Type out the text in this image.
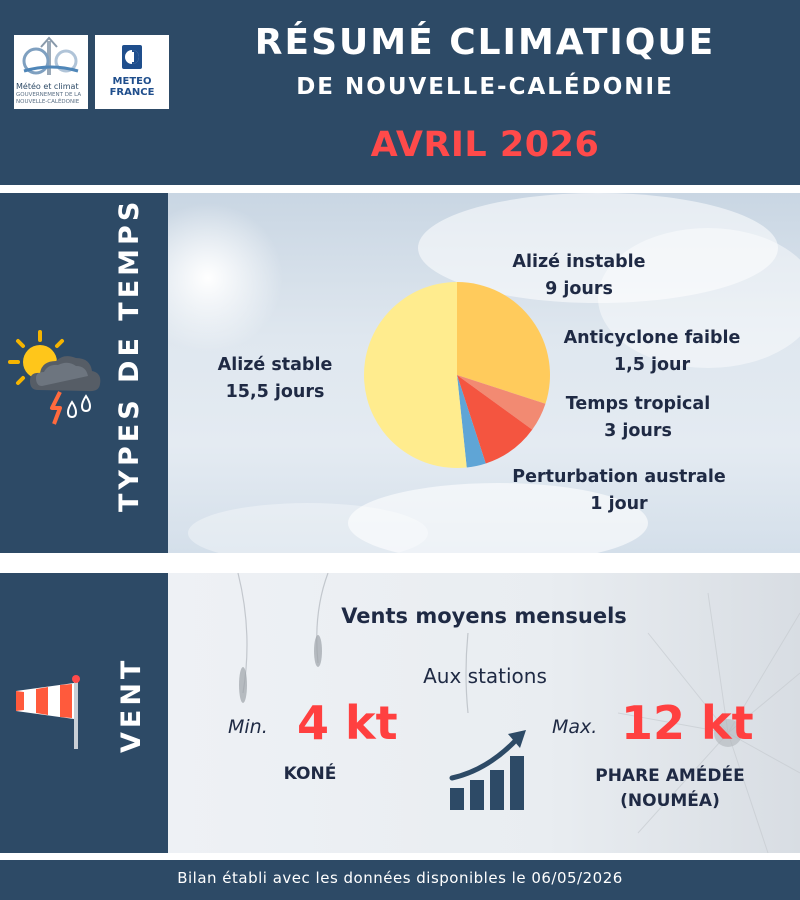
Météo et climat
GOUVERNEMENT DE LA NOUVELLE-CALÉDONIE
METEO FRANCE
RÉSUMÉ CLIMATIQUE
DE NOUVELLE-CALÉDONIE
AVRIL 2026
TYPES DE TEMPS	Alizé instable
9 jours
Anticyclone faible
1,5 jour
Temps tropical
3 jours
Perturbation australe
1 jour
Alizé stable
15,5 jours
VENT
Vents moyens mensuels
Aux stations
Min. 4 kt
KONÉ
Max. 12 kt
PHARE AMÉDÉE
(NOUMÉA)
Bilan établi avec les données disponibles le 06/05/2026
